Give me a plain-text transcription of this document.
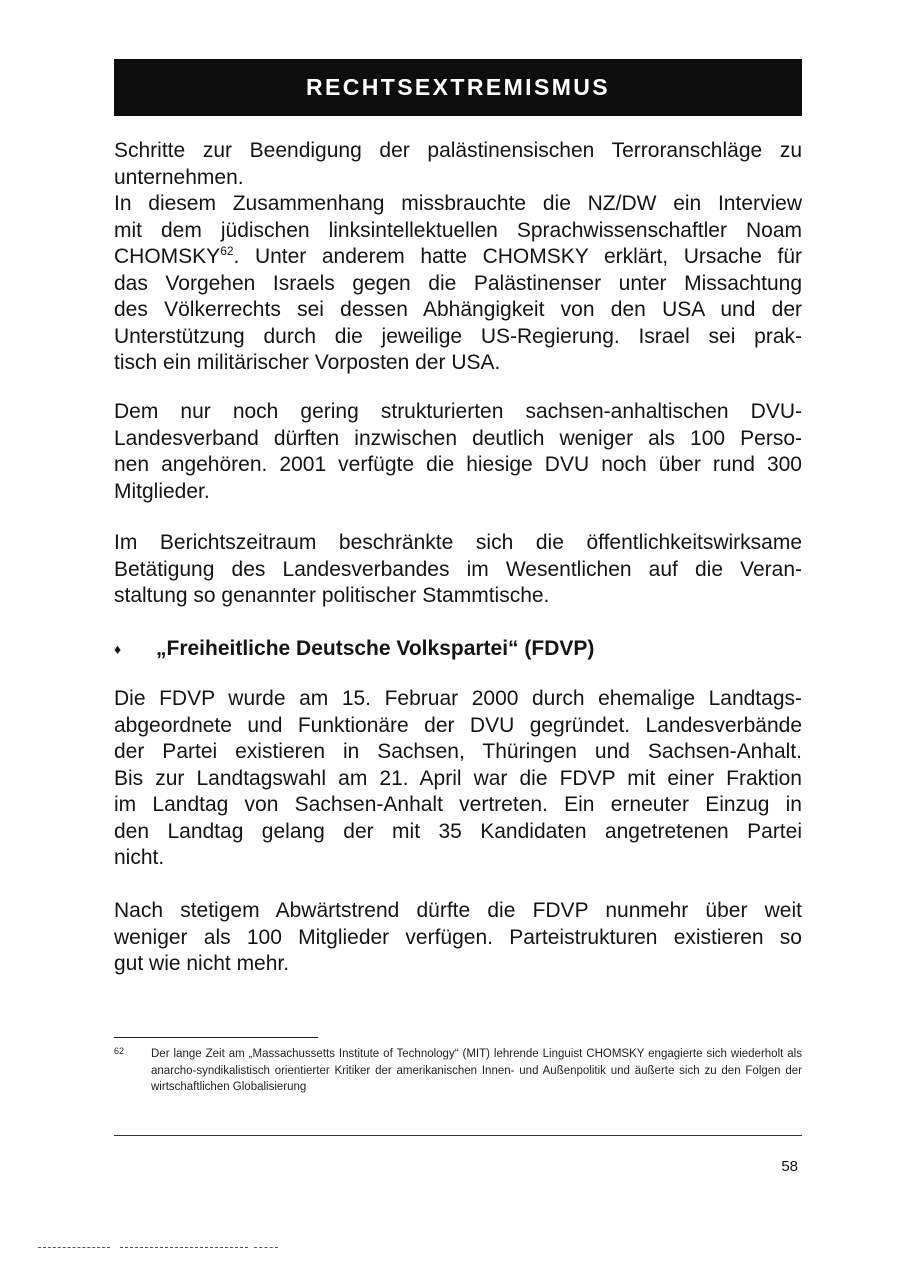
RECHTSEXTREMISMUS

Schritte zur Beendigung der palästinensischen Terroranschläge zu

unternehmen.

In diesem Zusammenhang missbrauchte die NZ/DW ein Interview

mit dem jüdischen linksintellektuellen Sprachwissenschaftler Noam

CHOMSKY$^{62}$. Unter anderem hatte CHOMSKY erklärt, Ursache für

das Vorgehen Israels gegen die Palästinenser unter Missachtung

des Völkerrechts sei dessen Abhängigkeit von den USA und der

Unterstützung durch die jeweilige US-Regierung. Israel sei prak-

tisch ein militärischer Vorposten der USA.

Dem nur noch gering strukturierten sachsen-anhaltischen DVU-

Landesverband dürften inzwischen deutlich weniger als 100 Perso-

nen angehören. 2001 verfügte die hiesige DVU noch über rund 300

Mitglieder.

Im Berichtszeitraum beschränkte sich die öffentlichkeitswirksame

Betätigung des Landesverbandes im Wesentlichen auf die Veran-

staltung so genannter politischer Stammtische.

♦	„Freiheitliche Deutsche Volkspartei“ (FDVP)

Die FDVP wurde am 15. Februar 2000 durch ehemalige Landtags-

abgeordnete und Funktionäre der DVU gegründet. Landesverbände

der Partei existieren in Sachsen, Thüringen und Sachsen-Anhalt.

Bis zur Landtagswahl am 21. April war die FDVP mit einer Fraktion

im Landtag von Sachsen-Anhalt vertreten. Ein erneuter Einzug in

den Landtag gelang der mit 35 Kandidaten angetretenen Partei

nicht.

Nach stetigem Abwärtstrend dürfte die FDVP nunmehr über weit

weniger als 100 Mitglieder verfügen. Parteistrukturen existieren so

gut wie nicht mehr.

62 Der lange Zeit am „Massachussetts Institute of Technology“ (MIT) lehrende Linguist CHOMSKY engagierte sich wiederholt als anarcho-syndikalistisch orientierter Kritiker der amerikanischen Innen- und Außenpolitik und äußerte sich zu den Folgen der wirtschaftlichen Globalisierung
58
